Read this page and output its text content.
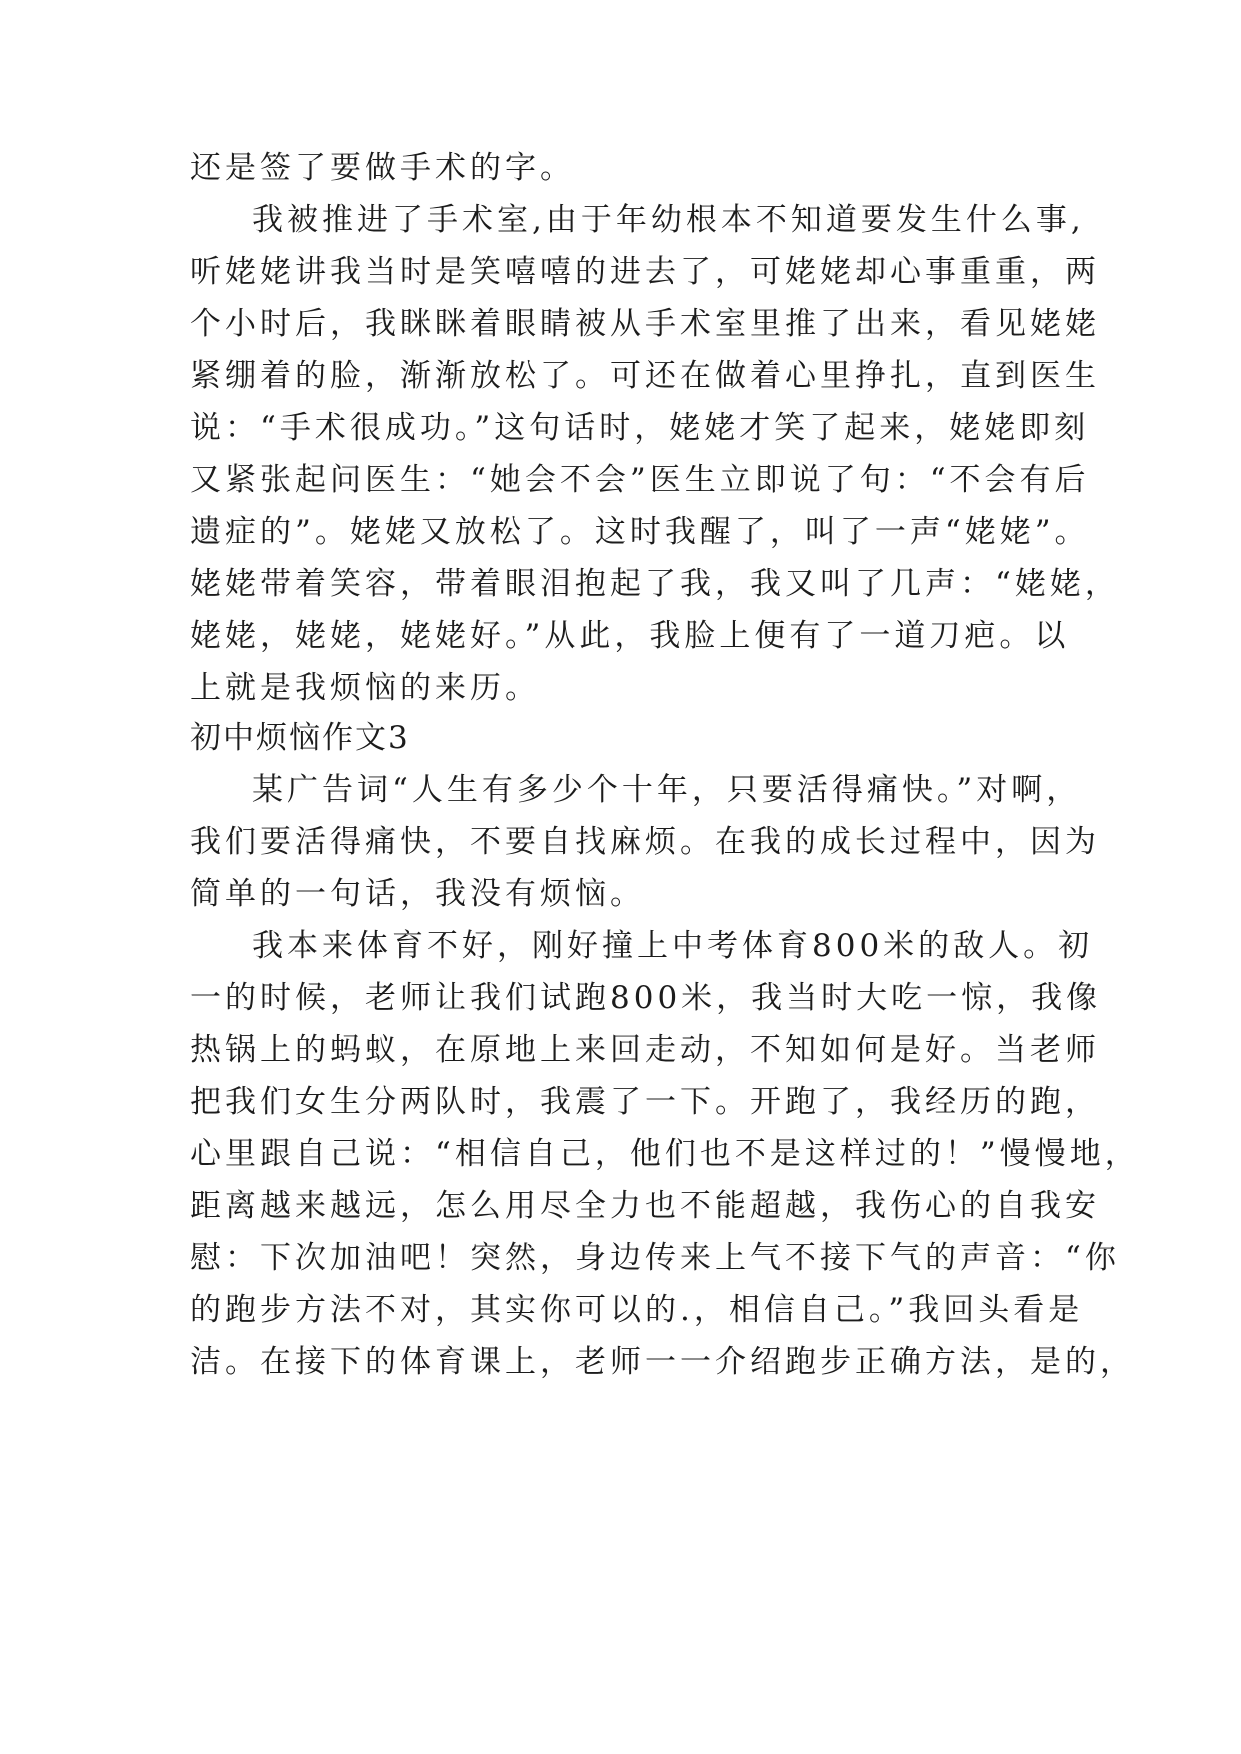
还是签了要做手术的字。
我被推进了手术室,由于年幼根本不知道要发生什么事,
听姥姥讲我当时是笑嘻嘻的进去了，可姥姥却心事重重，两
个小时后，我眯眯着眼睛被从手术室里推了出来，看见姥姥
紧绷着的脸，渐渐放松了。可还在做着心里挣扎，直到医生
说：“手术很成功。”这句话时，姥姥才笑了起来，姥姥即刻
又紧张起问医生：“她会不会”医生立即说了句：“不会有后
遗症的”。姥姥又放松了。这时我醒了，叫了一声“姥姥”。
姥姥带着笑容，带着眼泪抱起了我，我又叫了几声：“姥姥，
姥姥，姥姥，姥姥好。”从此，我脸上便有了一道刀疤。以
上就是我烦恼的来历。
初中烦恼作文3
某广告词“人生有多少个十年，只要活得痛快。”对啊，
我们要活得痛快，不要自找麻烦。在我的成长过程中，因为
简单的一句话，我没有烦恼。
我本来体育不好，刚好撞上中考体育800米的敌人。初
一的时候，老师让我们试跑800米，我当时大吃一惊，我像
热锅上的蚂蚁，在原地上来回走动，不知如何是好。当老师
把我们女生分两队时，我震了一下。开跑了，我经历的跑，
心里跟自己说：“相信自己，他们也不是这样过的！”慢慢地，
距离越来越远，怎么用尽全力也不能超越，我伤心的自我安
慰：下次加油吧！突然，身边传来上气不接下气的声音：“你
的跑步方法不对，其实你可以的.，相信自己。”我回头看是
洁。在接下的体育课上，老师一一介绍跑步正确方法，是的，
